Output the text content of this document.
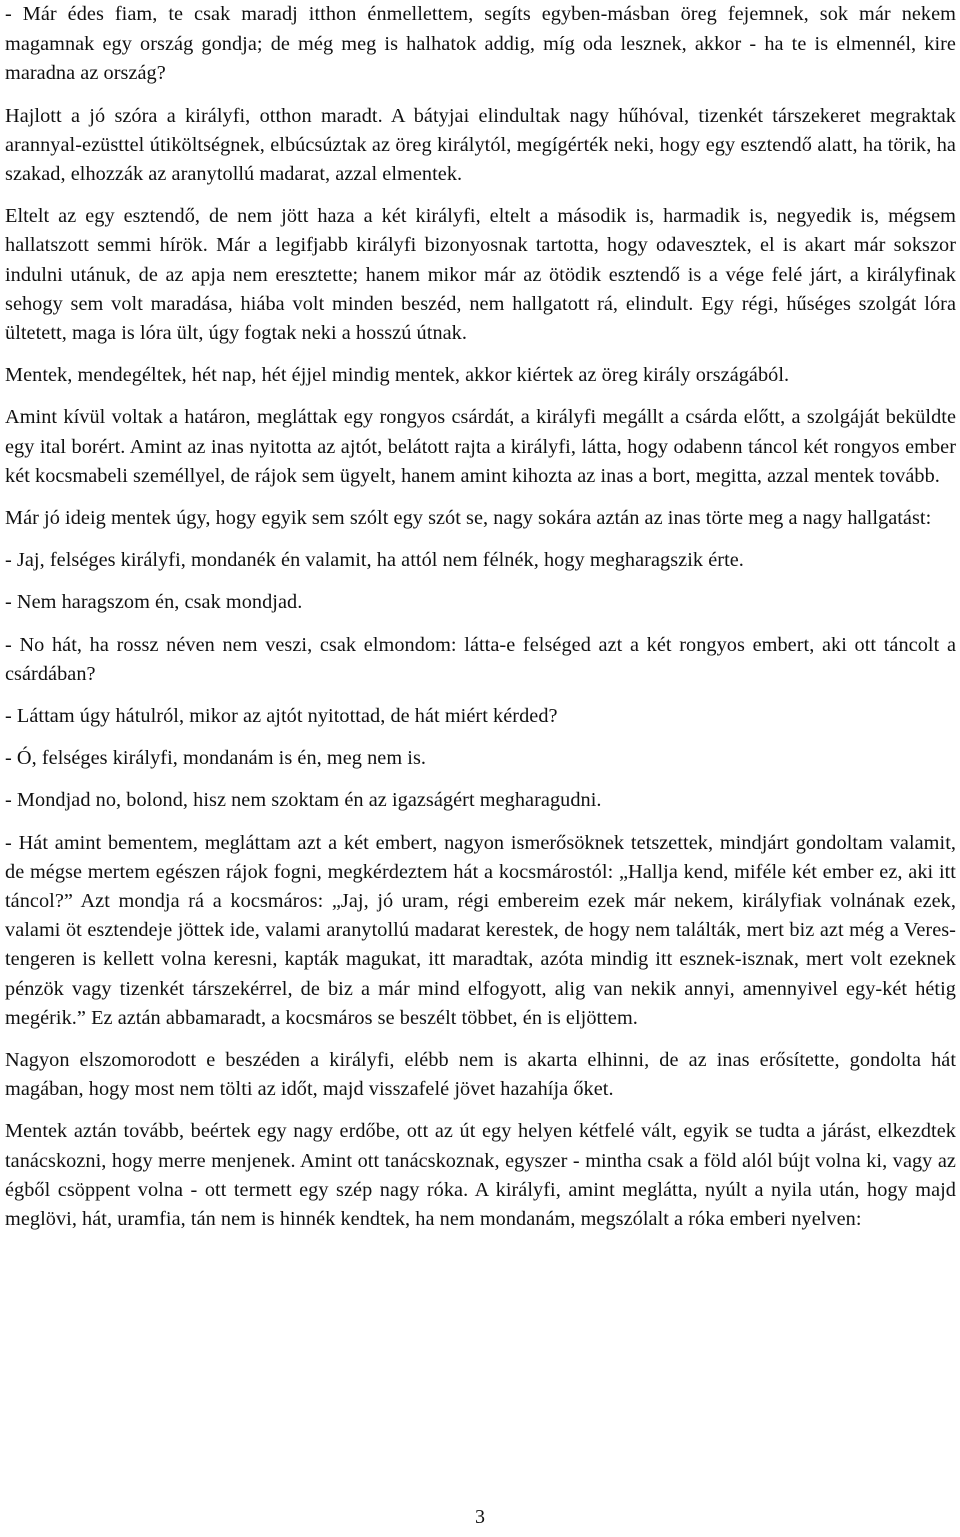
- Már édes fiam, te csak maradj itthon énmellettem, segíts egyben-másban öreg fejemnek, sok már nekem magamnak egy ország gondja; de még meg is halhatok addig, míg oda lesznek, akkor - ha te is elmennél, kire maradna az ország?

Hajlott a jó szóra a királyfi, otthon maradt. A bátyjai elindultak nagy hűhóval, tizenkét társzekeret megraktak arannyal-ezüsttel útiköltségnek, elbúcsúztak az öreg királytól, megígérték neki, hogy egy esztendő alatt, ha törik, ha szakad, elhozzák az aranytollú madarat, azzal elmentek.

Eltelt az egy esztendő, de nem jött haza a két királyfi, eltelt a második is, harmadik is, negyedik is, mégsem hallatszott semmi hírök. Már a legifjabb királyfi bizonyosnak tartotta, hogy odavesztek, el is akart már sokszor indulni utánuk, de az apja nem eresztette; hanem mikor már az ötödik esztendő is a vége felé járt, a királyfinak sehogy sem volt maradása, hiába volt minden beszéd, nem hallgatott rá, elindult. Egy régi, hűséges szolgát lóra ültetett, maga is lóra ült, úgy fogtak neki a hosszú útnak.

Mentek, mendegéltek, hét nap, hét éjjel mindig mentek, akkor kiértek az öreg király országából.

Amint kívül voltak a határon, megláttak egy rongyos csárdát, a királyfi megállt a csárda előtt, a szolgáját beküldte egy ital borért. Amint az inas nyitotta az ajtót, belátott rajta a királyfi, látta, hogy odabenn táncol két rongyos ember két kocsmabeli személlyel, de rájok sem ügyelt, hanem amint kihozta az inas a bort, megitta, azzal mentek tovább.

Már jó ideig mentek úgy, hogy egyik sem szólt egy szót se, nagy sokára aztán az inas törte meg a nagy hallgatást:

- Jaj, felséges királyfi, mondanék én valamit, ha attól nem félnék, hogy megharagszik érte.

- Nem haragszom én, csak mondjad.

- No hát, ha rossz néven nem veszi, csak elmondom: látta-e felséged azt a két rongyos embert, aki ott táncolt a csárdában?

- Láttam úgy hátulról, mikor az ajtót nyitottad, de hát miért kérded?

- Ó, felséges királyfi, mondanám is én, meg nem is.

- Mondjad no, bolond, hisz nem szoktam én az igazságért megharagudni.

- Hát amint bementem, megláttam azt a két embert, nagyon ismerősöknek tetszettek, mindjárt gondoltam valamit, de mégse mertem egészen rájok fogni, megkérdeztem hát a kocsmárostól: „Hallja kend, miféle két ember ez, aki itt táncol?” Azt mondja rá a kocsmáros: „Jaj, jó uram, régi embereim ezek már nekem, királyfiak volnának ezek, valami öt esztendeje jöttek ide, valami aranytollú madarat kerestek, de hogy nem találták, mert biz azt még a Veres-tengeren is kellett volna keresni, kapták magukat, itt maradtak, azóta mindig itt esznek-isznak, mert volt ezeknek pénzök vagy tizenkét társzekérrel, de biz a már mind elfogyott, alig van nekik annyi, amennyivel egy-két hétig megérik.” Ez aztán abbamaradt, a kocsmáros se beszélt többet, én is eljöttem.

Nagyon elszomorodott e beszéden a királyfi, elébb nem is akarta elhinni, de az inas erősítette, gondolta hát magában, hogy most nem tölti az időt, majd visszafelé jövet hazahíja őket.

Mentek aztán tovább, beértek egy nagy erdőbe, ott az út egy helyen kétfelé vált, egyik se tudta a járást, elkezdtek tanácskozni, hogy merre menjenek. Amint ott tanácskoznak, egyszer - mintha csak a föld alól bújt volna ki, vagy az égből csöppent volna - ott termett egy szép nagy róka. A királyfi, amint meglátta, nyúlt a nyila után, hogy majd meglövi, hát, uramfia, tán nem is hinnék kendtek, ha nem mondanám, megszólalt a róka emberi nyelven:

3
